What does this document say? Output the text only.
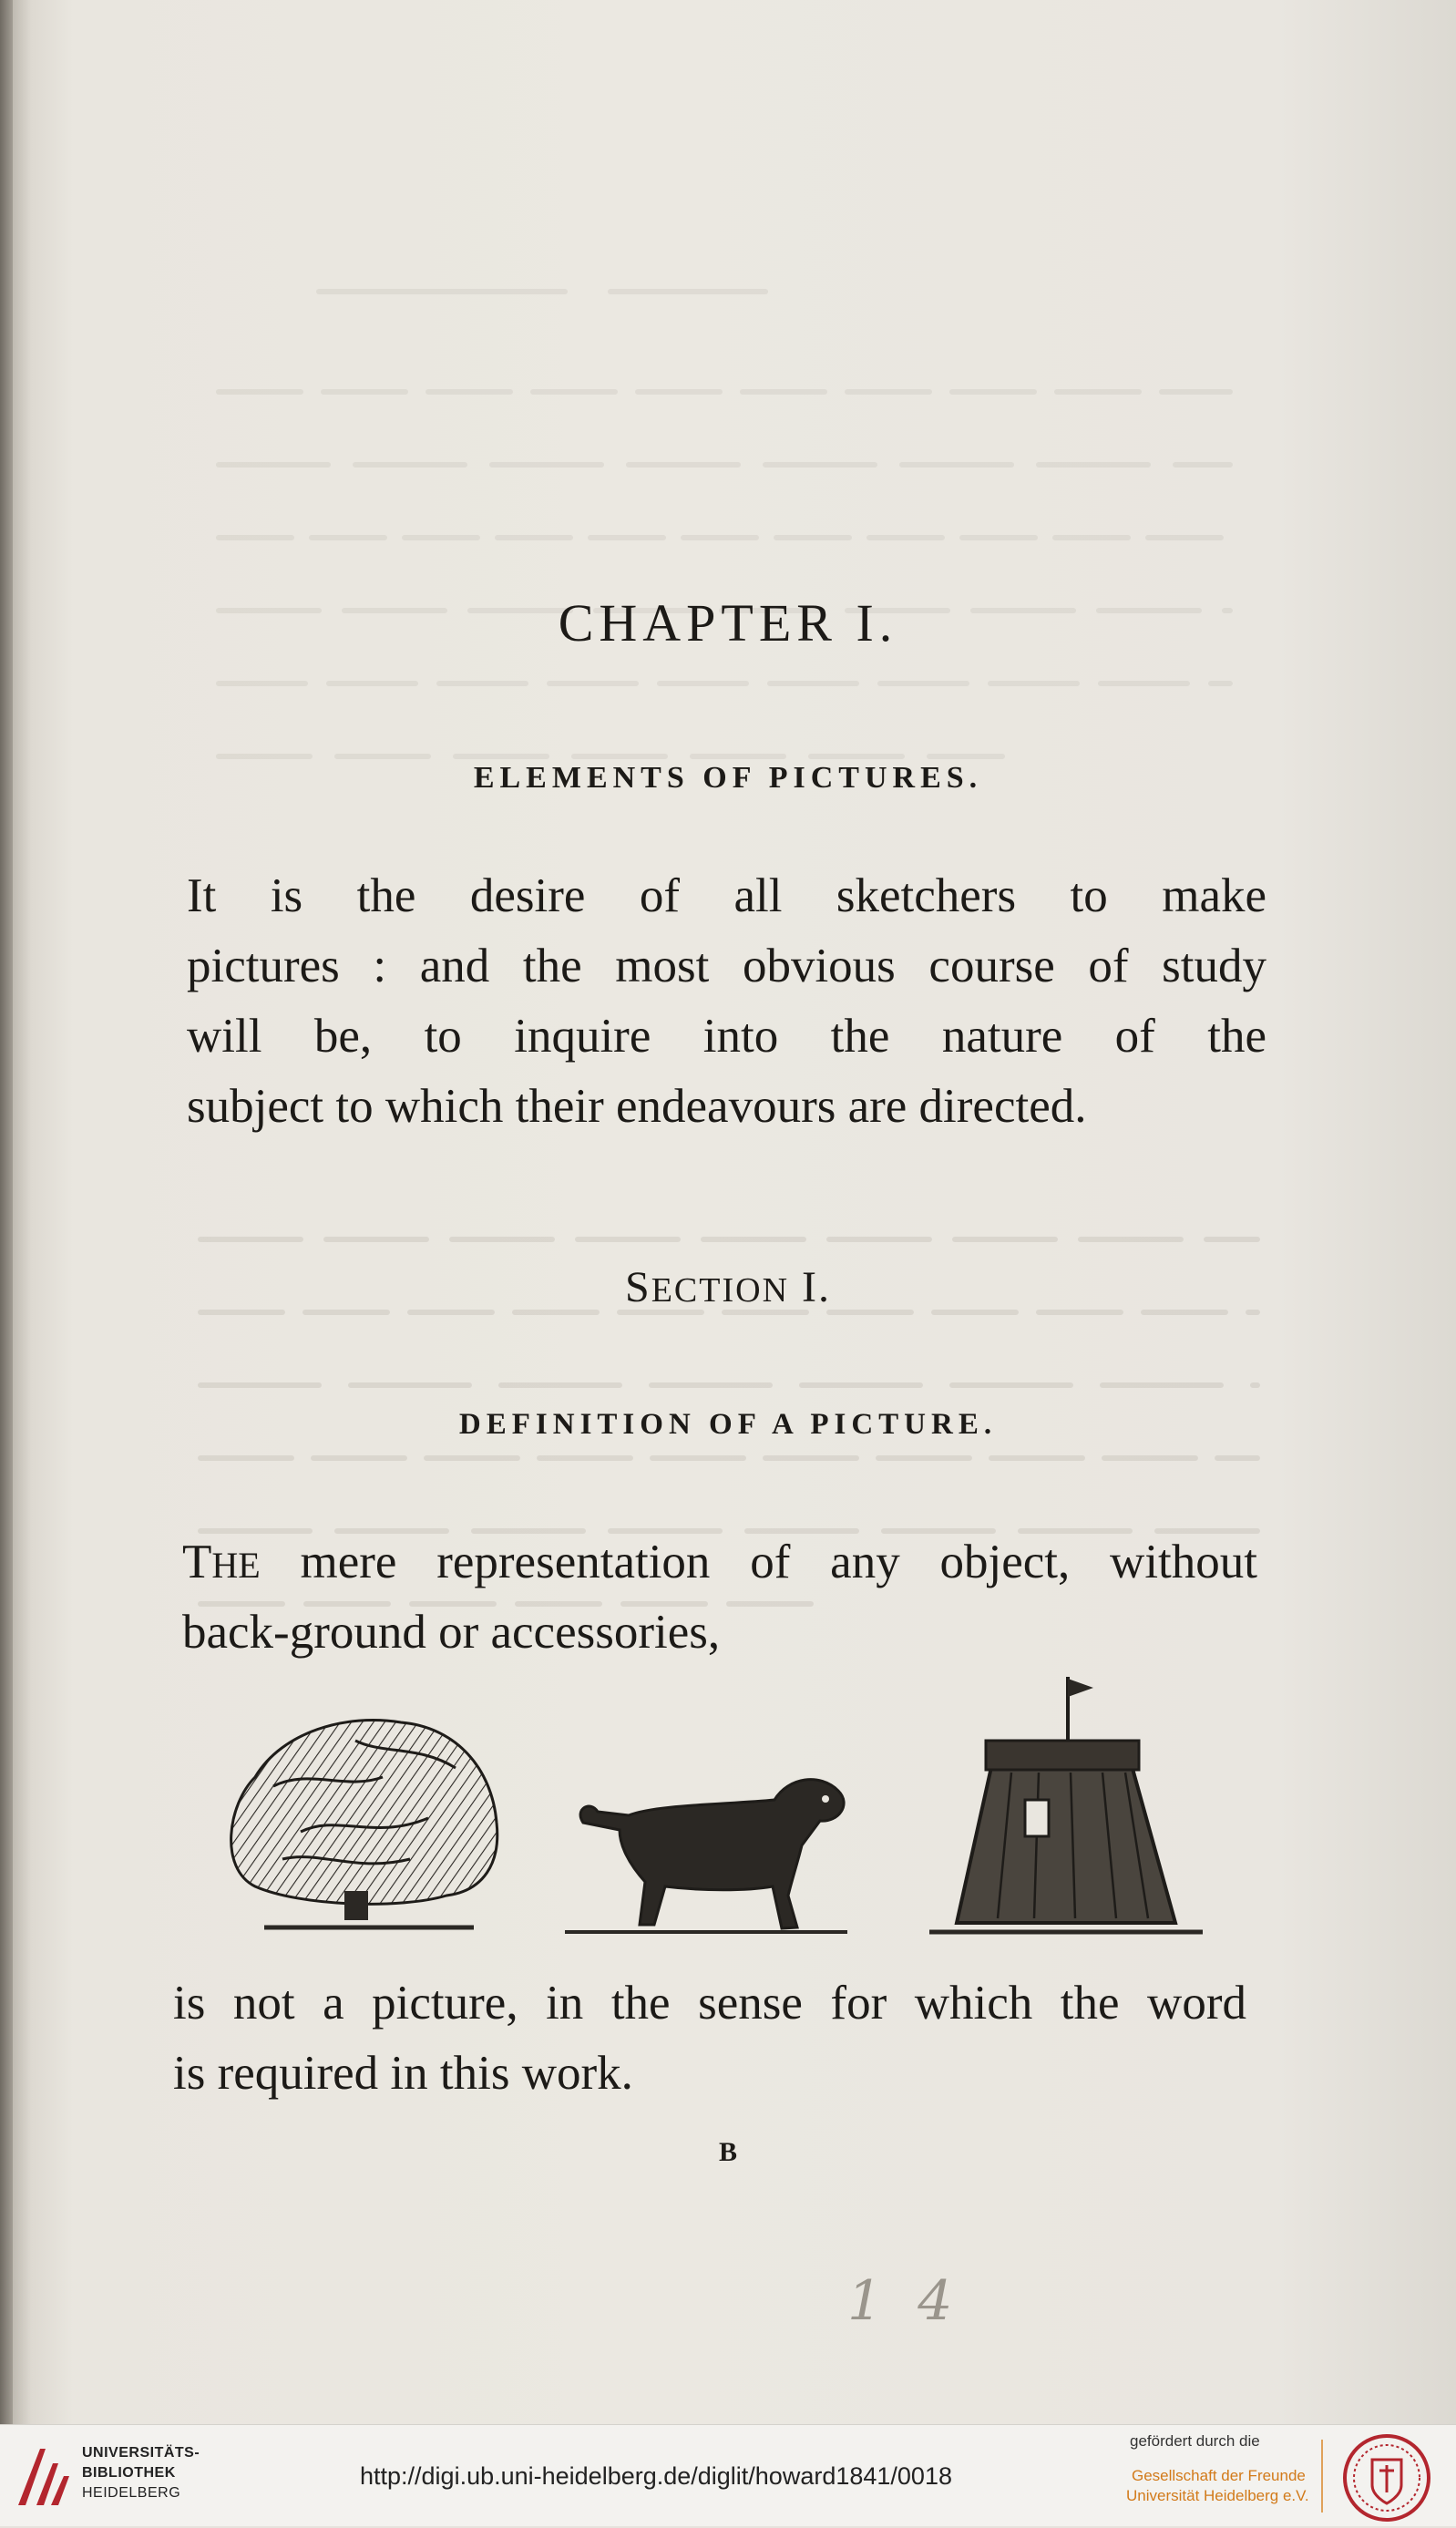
CHAPTER I.
ELEMENTS OF PICTURES.
It is the desire of all sketchers to make
pictures : and the most obvious course of study
will be, to inquire into the nature of the
subject to which their endeavours are directed.
SECTION I.
DEFINITION OF A PICTURE.
THE mere representation of any object, without
back-ground or accessories,
is not a picture, in the sense for which the word
is required in this work.
B
1 4
UNIVERSITÄTS-
BIBLIOTHEK
HEIDELBERG
http://digi.ub.uni-heidelberg.de/diglit/howard1841/0018
gefördert durch die
Gesellschaft der Freunde
Universität Heidelberg e.V.
